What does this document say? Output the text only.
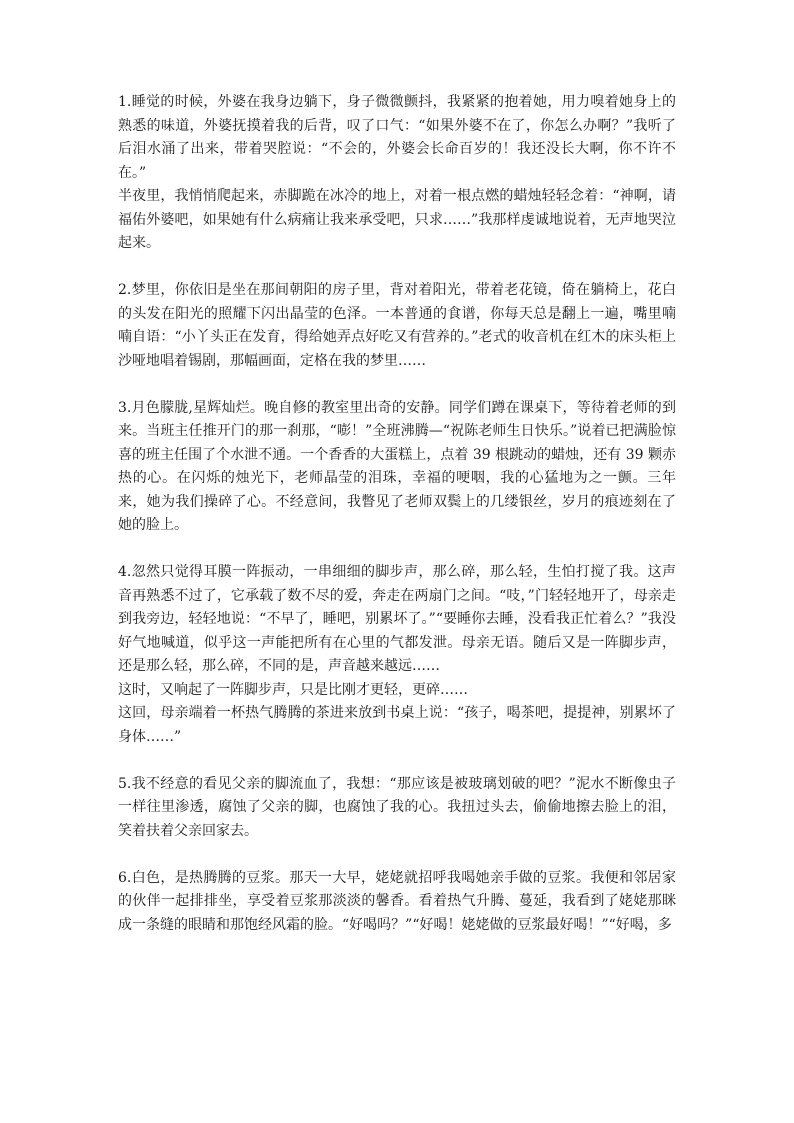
1.睡觉的时候，外婆在我身边躺下，身子微微颤抖，我紧紧的抱着她，用力嗅着她身上的熟悉的味道，外婆抚摸着我的后背，叹了口气：“如果外婆不在了，你怎么办啊？”我听了后泪水涌了出来，带着哭腔说：“不会的，外婆会长命百岁的！我还没长大啊，你不许不在。”

半夜里，我悄悄爬起来，赤脚跪在冰冷的地上，对着一根点燃的蜡烛轻轻念着：“神啊，请福佑外婆吧，如果她有什么病痛让我来承受吧，只求……”我那样虔诚地说着，无声地哭泣起来。

2.梦里，你依旧是坐在那间朝阳的房子里，背对着阳光，带着老花镜，倚在躺椅上，花白的头发在阳光的照耀下闪出晶莹的色泽。一本普通的食谱，你每天总是翻上一遍，嘴里喃喃自语：“小丫头正在发育，得给她弄点好吃又有营养的。”老式的收音机在红木的床头柜上沙哑地唱着锡剧，那幅画面，定格在我的梦里……

3.月色朦胧,星辉灿烂。晚自修的教室里出奇的安静。同学们蹲在课桌下，等待着老师的到来。当班主任推开门的那一刹那，“嘭！”全班沸腾—“祝陈老师生日快乐。”说着已把满脸惊喜的班主任围了个水泄不通。一个香香的大蛋糕上，点着 39 根跳动的蜡烛，还有 39 颗赤热的心。在闪烁的烛光下，老师晶莹的泪珠，幸福的哽咽，我的心猛地为之一颤。三年来，她为我们操碎了心。不经意间，我瞥见了老师双鬓上的几缕银丝，岁月的痕迹刻在了她的脸上。

4.忽然只觉得耳膜一阵振动，一串细细的脚步声，那么碎，那么轻，生怕打搅了我。这声音再熟悉不过了，它承载了数不尽的爱，奔走在两扇门之间。“吱，”门轻轻地开了，母亲走到我旁边，轻轻地说：“不早了，睡吧，别累坏了。”“要睡你去睡，没看我正忙着么？”我没好气地喊道，似乎这一声能把所有在心里的气都发泄。母亲无语。随后又是一阵脚步声，还是那么轻，那么碎，不同的是，声音越来越远……

这时，又响起了一阵脚步声，只是比刚才更轻，更碎……

这回，母亲端着一杯热气腾腾的茶进来放到书桌上说：“孩子，喝茶吧，提提神，别累坏了身体……”

5.我不经意的看见父亲的脚流血了，我想：“那应该是被玻璃划破的吧？”泥水不断像虫子一样往里渗透，腐蚀了父亲的脚，也腐蚀了我的心。我扭过头去，偷偷地擦去脸上的泪，笑着扶着父亲回家去。

6.白色，是热腾腾的豆浆。那天一大早，姥姥就招呼我喝她亲手做的豆浆。我便和邻居家的伙伴一起排排坐，享受着豆浆那淡淡的馨香。看着热气升腾、蔓延，我看到了姥姥那眯成一条缝的眼睛和那饱经风霜的脸。“好喝吗？”“好喝！姥姥做的豆浆最好喝！”“好喝，多
